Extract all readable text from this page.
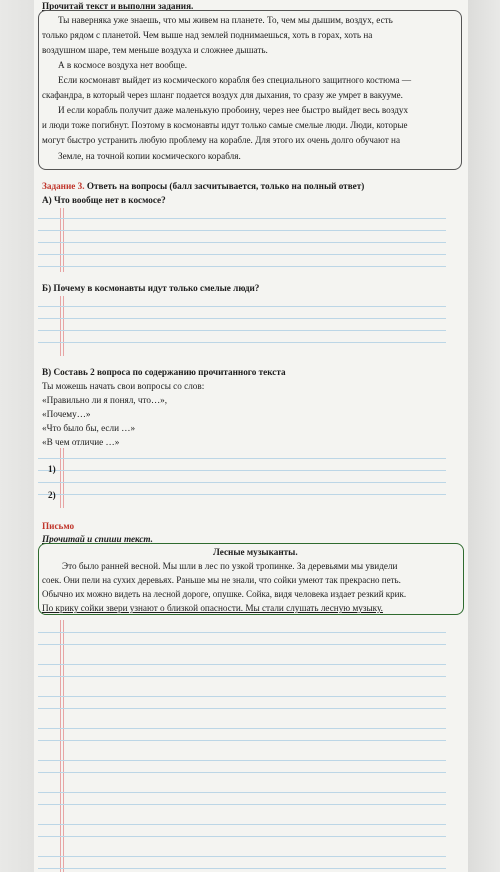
Прочитай текст и выполни задания.
Ты наверняка уже знаешь, что мы живем на планете. То, чем мы дышим, воздух, есть
только рядом с планетой. Чем выше над землей поднимаешься, хоть в горах, хоть на
воздушном шаре, тем меньше воздуха и сложнее дышать.
А в космосе воздуха нет вообще.
Если космонавт выйдет из космического корабля без специального защитного костюма —
скафандра, в который через шланг подается воздух для дыхания, то сразу же умрет в вакууме.
И если корабль получит даже маленькую пробоину, через нее быстро выйдет весь воздух
и люди тоже погибнут. Поэтому в космонавты идут только самые смелые люди. Люди, которые
могут быстро устранить любую проблему на корабле. Для этого их очень долго обучают на
Земле, на точной копии космического корабля.
Задание 3. Ответь на вопросы (балл засчитывается, только на полный ответ)
А) Что вообще нет в космосе?
Б) Почему в космонавты идут только смелые люди?
В) Составь 2 вопроса по содержанию прочитанного текста
Ты можешь начать свои вопросы со слов:
«Правильно ли я понял, что…»,
«Почему…»
«Что было бы, если …»
«В чем отличие …»
1)
2)
Письмо
Прочитай и спиши текст.
Лесные музыканты.
Это было ранней весной. Мы шли в лес по узкой тропинке. За деревьями мы увидели
соек. Они пели на сухих деревьях. Раньше мы не знали, что сойки умеют так прекрасно петь.
Обычно их можно видеть на лесной дороге, опушке. Сойка, видя человека издает резкий крик.
По крику сойки звери узнают о близкой опасности. Мы стали слушать лесную музыку.
